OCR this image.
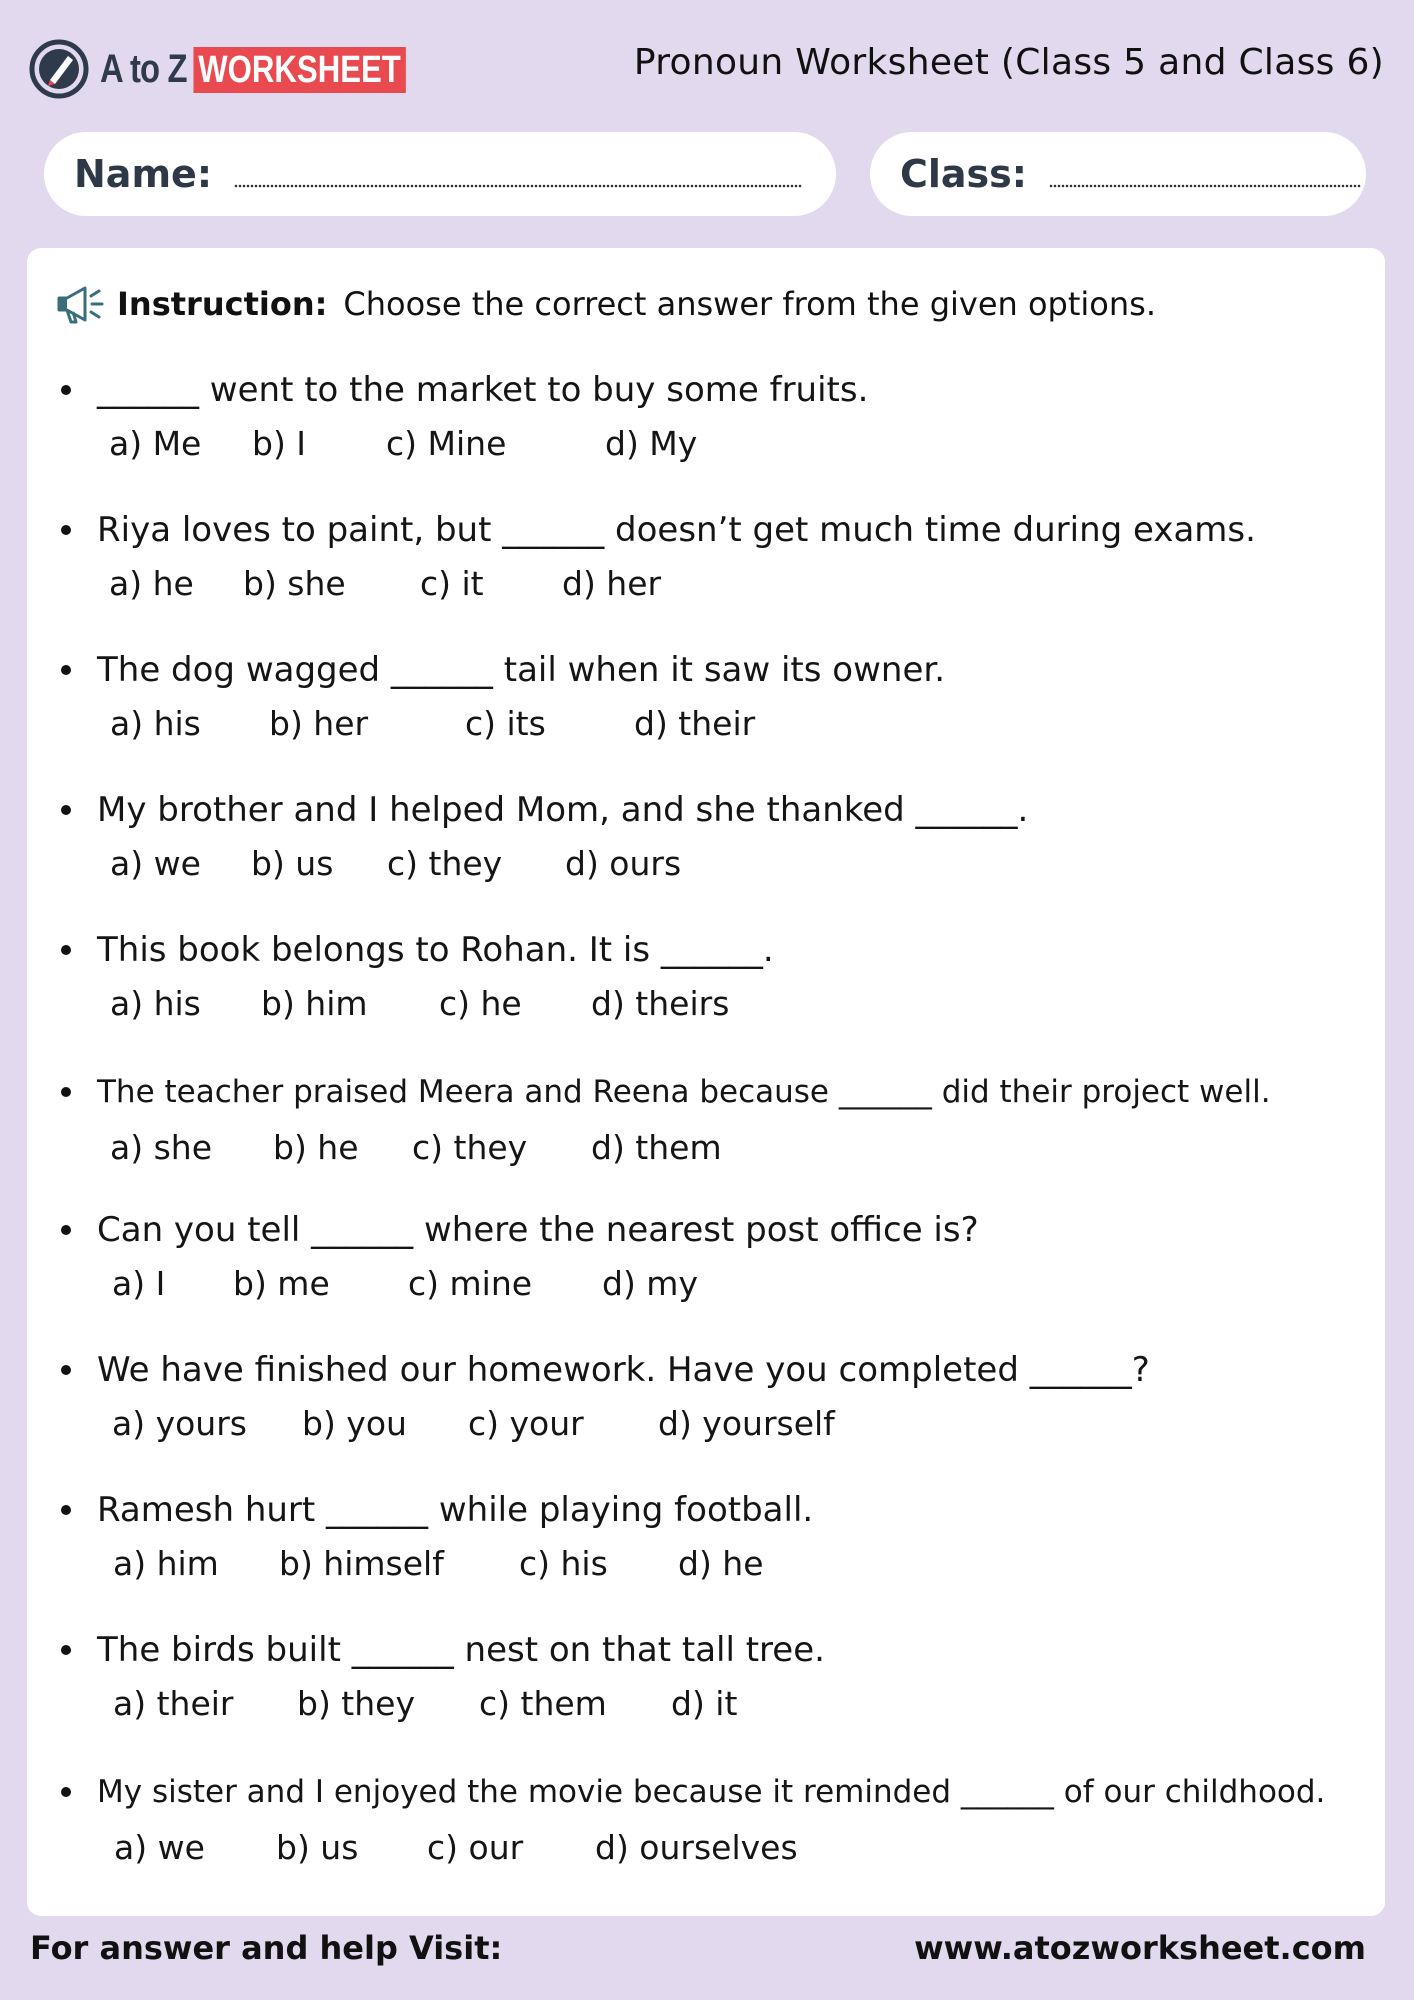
A to Z WORKSHEET	Pronoun Worksheet (Class 5 and Class 6)
Name:	Class:
Instruction: Choose the correct answer from the given options.
______ went to the market to buy some fruits.
a) Me b) I c) Mine	d) My
Riya loves to paint, but ______ doesn’t get much time during exams.
a) he b) she c) it d) her
The dog wagged ______ tail when it saw its owner.
a) his b) her	c) its	d) their
My brother and I helped Mom, and she thanked ______.
a) we b) us c) they d) ours
This book belongs to Rohan. It is ______.
a) his b) him c) he d) theirs
The teacher praised Meera and Reena because ______ did their project well.
a) she b) he c) they d) them
Can you tell ______ where the nearest post office is?
a) I b) me c) mine d) my
We have finished our homework. Have you completed ______?
a) yours b) you c) your d) yourself
Ramesh hurt ______ while playing football.
a) him b) himself c) his d) he
The birds built ______ nest on that tall tree.
a) their b) they c) them d) it
My sister and I enjoyed the movie because it reminded ______ of our childhood.
a) we b) us c) our d) ourselves
For answer and help Visit:	www.atozworksheet.com
